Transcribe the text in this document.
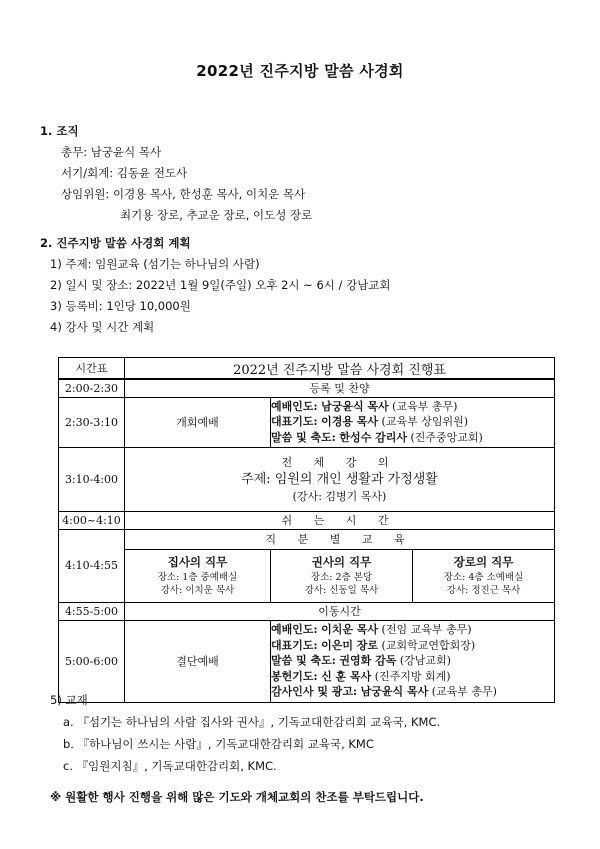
2022년 진주지방 말씀 사경회
1. 조직
총무: 남궁윤식 목사
서기/회계: 김동윤 전도사
상임위원: 이경용 목사, 한성훈 목사, 이치운 목사
최기용 장로, 추교운 장로, 이도성 장로
2. 진주지방 말씀 사경회 계획
1) 주제: 임원교육 (섬기는 하나님의 사람)
2) 일시 및 장소: 2022년 1월 9일(주일) 오후 2시 ~ 6시 / 강남교회
3) 등록비: 1인당 10,000원
4) 강사 및 시간 계획
시간표	2022년 진주지방 말씀 사경회 진행표		
2:00-2:30	등록 및 찬양		
2:30-3:10	개회예배	예배인도: 남궁윤식 목사 (교육부 총무)
대표기도: 이경용 목사 (교육부 상임위원)
말씀 및 축도: 한성수 감리사 (진주중앙교회)	

3:10-4:00	전 체 강 의
주제: 임원의 개인 생활과 가정생활
(강사: 김병기 목사)		

4:00~4:10	쉬 는 시 간		
4:10-4:55	직 분 별 교 육		

	집사의 직무
장소: 1층 중예배실
강사: 이치운 목사	권사의 직무
장소: 2층 본당
강사: 신동일 목사	장로의 직무
장소: 4층 소예배실
강사: 정진근 목사

4:55-5:00	이동시간		
5:00-6:00	결단예배	예배인도: 이치운 목사 (전임 교육부 총무)
대표기도: 이은미 장로 (교회학교연합회장)
말씀 및 축도: 권영화 감독 (강남교회)
봉헌기도: 신 훈 목사 (진주지방 회계)
감사인사 및 광고: 남궁윤식 목사 (교육부 총무)	
5) 교재
a. 『섬기는 하나님의 사람 집사와 권사』, 기독교대한감리회 교육국, KMC.
b. 『하나님이 쓰시는 사람』, 기독교대한감리회 교육국, KMC
c. 『임원지침』, 기독교대한감리회, KMC.
※ 원활한 행사 진행을 위해 많은 기도와 개체교회의 찬조를 부탁드립니다.
